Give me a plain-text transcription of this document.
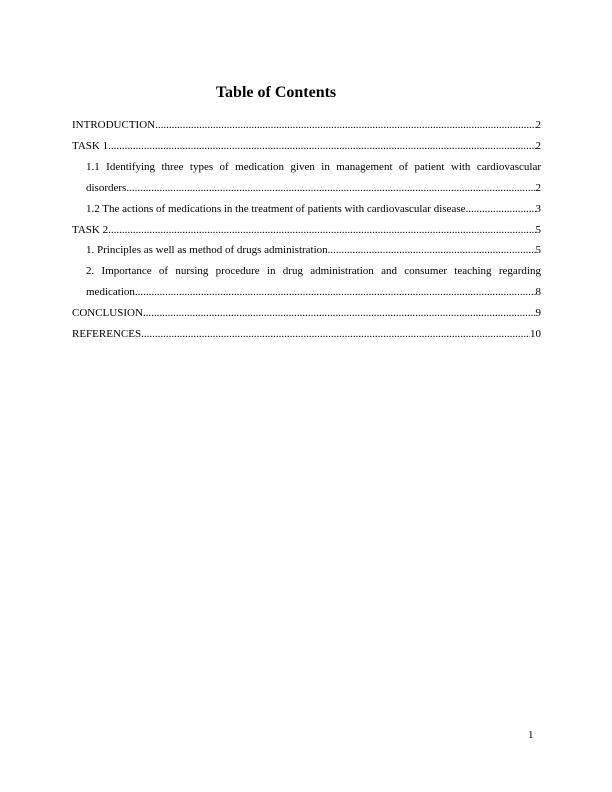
Table of Contents
INTRODUCTION .....	2
TASK 1 .....	2
1.1 Identifying three types of medication given in management of patient with cardiovascular
disorders .....	2
1.2 The actions of medications in the treatment of patients with cardiovascular disease. .....	3
TASK 2 .....	5
1. Principles as well as method of drugs administration .....	5
2. Importance of nursing procedure in drug administration and consumer teaching regarding
medication .....	8
CONCLUSION .....	9
REFERENCES .....	10
1
